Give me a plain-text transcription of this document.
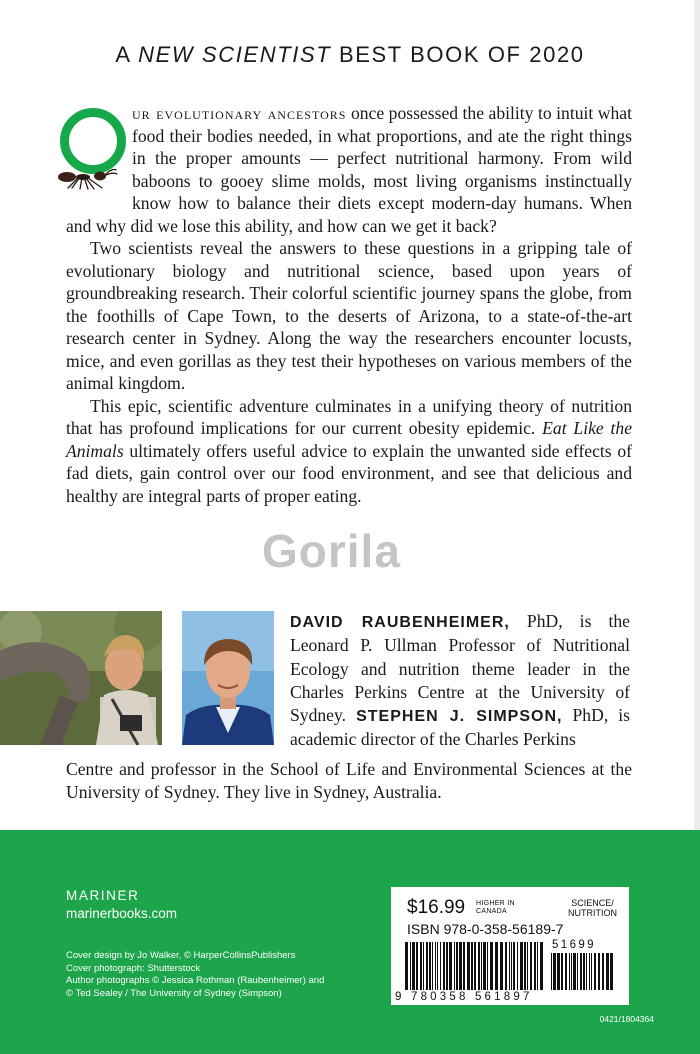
A NEW SCIENTIST BEST BOOK OF 2020

ur evolutionary ancestors once possessed the ability to intuit what food their bodies needed, in what proportions, and ate the right things in the proper amounts — perfect nutritional harmony. From wild baboons to gooey slime molds, most living organisms instinctually know how to balance their diets except modern-day humans. When and why did we lose this ability, and how can we get it back?

Two scientists reveal the answers to these questions in a gripping tale of evolutionary biology and nutritional science, based upon years of groundbreaking research. Their colorful scientific journey spans the globe, from the foothills of Cape Town, to the deserts of Arizona, to a state-of-the-art research center in Sydney. Along the way the researchers encounter locusts, mice, and even gorillas as they test their hypotheses on various members of the animal kingdom.

This epic, scientific adventure culminates in a unifying theory of nutrition that has profound implications for our current obesity epidemic. Eat Like the Animals ultimately offers useful advice to explain the unwanted side effects of fad diets, gain control over our food environment, and see that delicious and healthy are integral parts of proper eating.

Gorila
DAVID RAUBENHEIMER, PhD, is the Leonard P. Ullman Professor of Nutritional Ecology and nutrition theme leader in the Charles Perkins Centre at the University of Sydney. STEPHEN J. SIMPSON, PhD, is academic director of the Charles Perkins
Centre and professor in the School of Life and Environmental Sciences at the University of Sydney. They live in Sydney, Australia.
MARINER
marinerbooks.com
Cover design by Jo Walker, © HarperCollinsPublishers
Cover photograph: Shutterstock
Author photographs © Jessica Rothman (Raubenheimer) and
© Ted Sealey / The University of Sydney (Simpson)
$16.99 HIGHER IN
CANADA
SCIENCE/
NUTRITION
ISBN 978-0-358-56189-7
51699
9 780358 561897
0421/1804364
